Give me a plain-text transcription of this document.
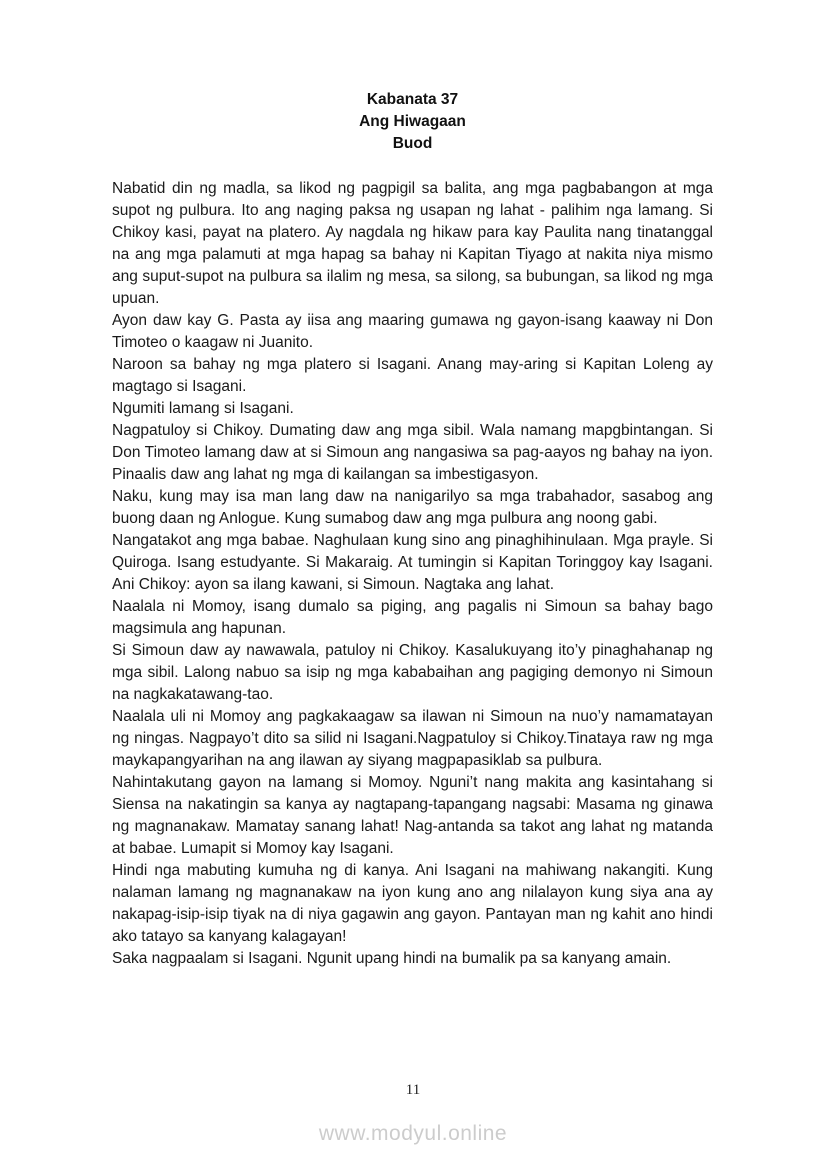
Kabanata 37
Ang Hiwagaan
Buod

Nabatid din ng madla, sa likod ng pagpigil sa balita, ang mga pagbabangon at mga supot ng pulbura. Ito ang naging paksa ng usapan ng lahat - palihim nga lamang. Si Chikoy kasi, payat na platero. Ay nagdala ng hikaw para kay Paulita nang tinatanggal na ang mga palamuti at mga hapag sa bahay ni Kapitan Tiyago at nakita niya mismo ang suput-supot na pulbura sa ilalim ng mesa, sa silong, sa bubungan, sa likod ng mga upuan.

Ayon daw kay G. Pasta ay iisa ang maaring gumawa ng gayon-isang kaaway ni Don Timoteo o kaagaw ni Juanito.

Naroon sa bahay ng mga platero si Isagani. Anang may-aring si Kapitan Loleng ay magtago si Isagani.

Ngumiti lamang si Isagani.

Nagpatuloy si Chikoy. Dumating daw ang mga sibil. Wala namang mapgbintangan. Si Don Timoteo lamang daw at si Simoun ang nangasiwa sa pag-aayos ng bahay na iyon. Pinaalis daw ang lahat ng mga di kailangan sa imbestigasyon.

Naku, kung may isa man lang daw na nanigarilyo sa mga trabahador, sasabog ang buong daan ng Anlogue. Kung sumabog daw ang mga pulbura ang noong gabi.

Nangatakot ang mga babae. Naghulaan kung sino ang pinaghihinulaan. Mga prayle. Si Quiroga. Isang estudyante. Si Makaraig. At tumingin si Kapitan Toringgoy kay Isagani. Ani Chikoy: ayon sa ilang kawani, si Simoun. Nagtaka ang lahat.

Naalala ni Momoy, isang dumalo sa piging, ang pagalis ni Simoun sa bahay bago magsimula ang hapunan.

Si Simoun daw ay nawawala, patuloy ni Chikoy. Kasalukuyang ito’y pinaghahanap ng mga sibil. Lalong nabuo sa isip ng mga kababaihan ang pagiging demonyo ni Simoun na nagkakatawang-tao.

Naalala uli ni Momoy ang pagkakaagaw sa ilawan ni Simoun na nuo’y namamatayan ng ningas. Nagpayo’t dito sa silid ni Isagani.Nagpatuloy si Chikoy.Tinataya raw ng mga maykapangyarihan na ang ilawan ay siyang magpapasiklab sa pulbura.

Nahintakutang gayon na lamang si Momoy. Nguni’t nang makita ang kasintahang si Siensa na nakatingin sa kanya ay nagtapang-tapangang nagsabi: Masama ng ginawa ng magnanakaw. Mamatay sanang lahat! Nag-antanda sa takot ang lahat ng matanda at babae. Lumapit si Momoy kay Isagani.

Hindi nga mabuting kumuha ng di kanya. Ani Isagani na mahiwang nakangiti. Kung nalaman lamang ng magnanakaw na iyon kung ano ang nilalayon kung siya ana ay nakapag-isip-isip tiyak na di niya gagawin ang gayon. Pantayan man ng kahit ano hindi ako tatayo sa kanyang kalagayan!

Saka nagpaalam si Isagani. Ngunit upang hindi na bumalik pa sa kanyang amain.

11
www.modyul.online
